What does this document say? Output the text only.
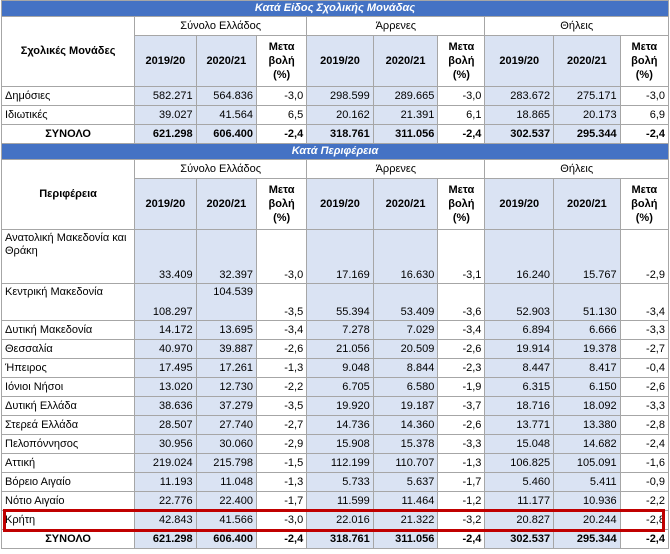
Κατά Είδος Σχολικής Μονάδας									
Σχολικές Μονάδες	Σύνολο Ελλάδος			Άρρενες			Θήλεις		
	2019/20	2020/21	Μετα βολή (%)	2019/20	2020/21	Μετα βολή (%)	2019/20	2020/21	Μετα βολή (%)
Δημόσιες	582.271	564.836	-3,0	298.599	289.665	-3,0	283.672	275.171	-3,0
Ιδιωτικές	39.027	41.564	6,5	20.162	21.391	6,1	18.865	20.173	6,9
ΣΥΝΟΛΟ	621.298	606.400	-2,4	318.761	311.056	-2,4	302.537	295.344	-2,4
Κατά Περιφέρεια									
Περιφέρεια	Σύνολο Ελλάδος			Άρρενες			Θήλεις		
	2019/20	2020/21	Μετα βολή (%)	2019/20	2020/21	Μετα βολή (%)	2019/20	2020/21	Μετα βολή (%)
Ανατολική Μακεδονία και Θράκη	33.409	32.397	-3,0	17.169	16.630	-3,1	16.240	15.767	-2,9
Κεντρική Μακεδονία	108.297	104.539	-3,5	55.394	53.409	-3,6	52.903	51.130	-3,4
Δυτική Μακεδονία	14.172	13.695	-3,4	7.278	7.029	-3,4	6.894	6.666	-3,3
Θεσσαλία	40.970	39.887	-2,6	21.056	20.509	-2,6	19.914	19.378	-2,7
Ήπειρος	17.495	17.261	-1,3	9.048	8.844	-2,3	8.447	8.417	-0,4
Ιόνιοι Νήσοι	13.020	12.730	-2,2	6.705	6.580	-1,9	6.315	6.150	-2,6
Δυτική Ελλάδα	38.636	37.279	-3,5	19.920	19.187	-3,7	18.716	18.092	-3,3
Στερεά Ελλάδα	28.507	27.740	-2,7	14.736	14.360	-2,6	13.771	13.380	-2,8
Πελοπόννησος	30.956	30.060	-2,9	15.908	15.378	-3,3	15.048	14.682	-2,4
Αττική	219.024	215.798	-1,5	112.199	110.707	-1,3	106.825	105.091	-1,6
Βόρειο Αιγαίο	11.193	11.048	-1,3	5.733	5.637	-1,7	5.460	5.411	-0,9
Νότιο Αιγαίο	22.776	22.400	-1,7	11.599	11.464	-1,2	11.177	10.936	-2,2
Κρήτη	42.843	41.566	-3,0	22.016	21.322	-3,2	20.827	20.244	-2,8
ΣΥΝΟΛΟ	621.298	606.400	-2,4	318.761	311.056	-2,4	302.537	295.344	-2,4
